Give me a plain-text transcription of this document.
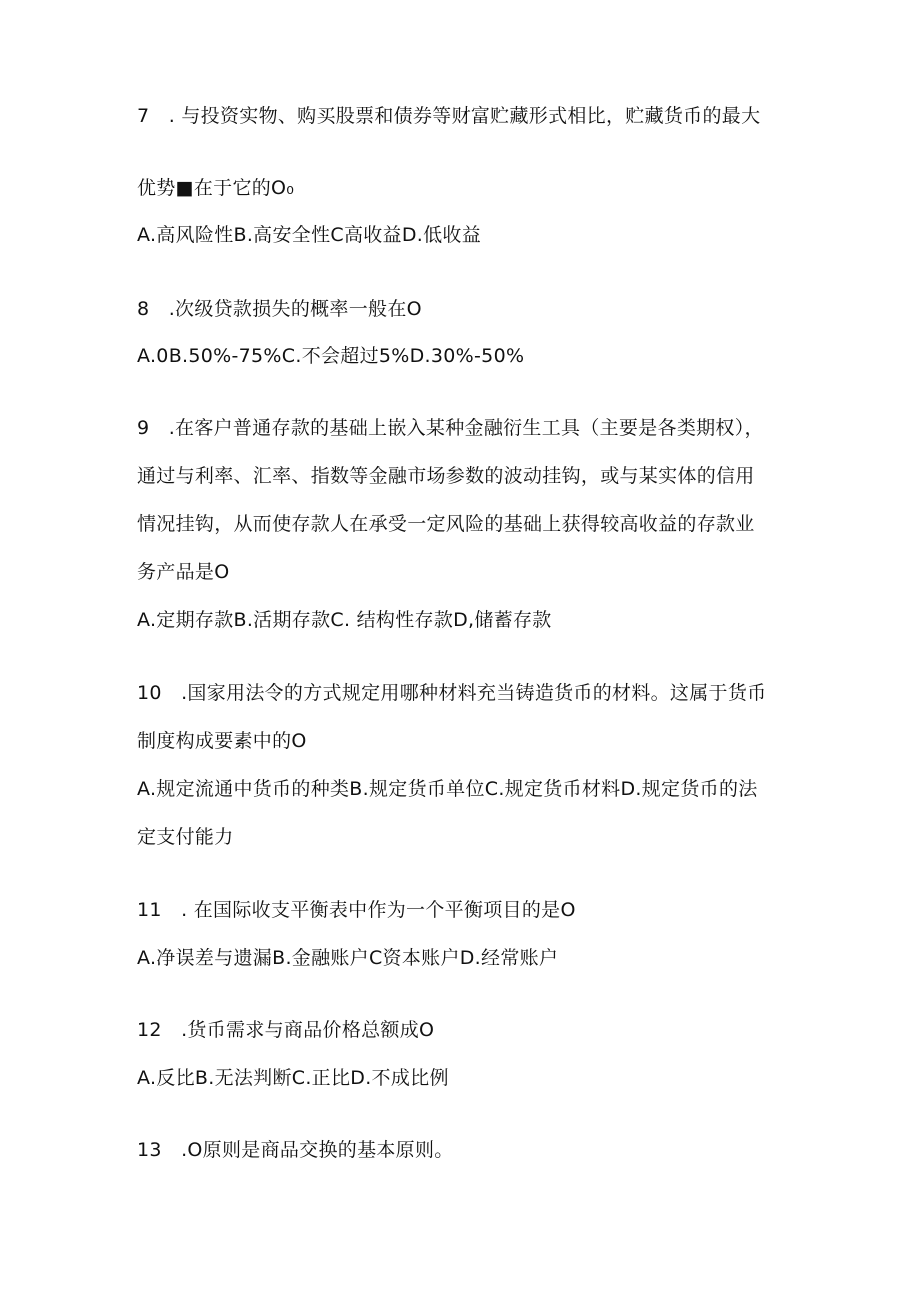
7　. 与投资实物、购买股票和债券等财富贮藏形式相比，贮藏货币的最大
优势■在于它的O₀
A.高风险性B.高安全性C高收益D.低收益
8　.次级贷款损失的概率一般在O
A.0B.50%-75%C.不会超过5%D.30%-50%
9　.在客户普通存款的基础上嵌入某种金融衍生工具（主要是各类期权），
通过与利率、汇率、指数等金融市场参数的波动挂钩，或与某实体的信用
情况挂钩，从而使存款人在承受一定风险的基础上获得较高收益的存款业
务产品是O
A.定期存款B.活期存款C. 结构性存款D,储蓄存款
10　.国家用法令的方式规定用哪种材料充当铸造货币的材料。这属于货币
制度构成要素中的O
A.规定流通中货币的种类B.规定货币单位C.规定货币材料D.规定货币的法
定支付能力
11　. 在国际收支平衡表中作为一个平衡项目的是O
A.净误差与遗漏B.金融账户C资本账户D.经常账户
12　.货币需求与商品价格总额成O
A.反比B.无法判断C.正比D.不成比例
13　.O原则是商品交换的基本原则。
